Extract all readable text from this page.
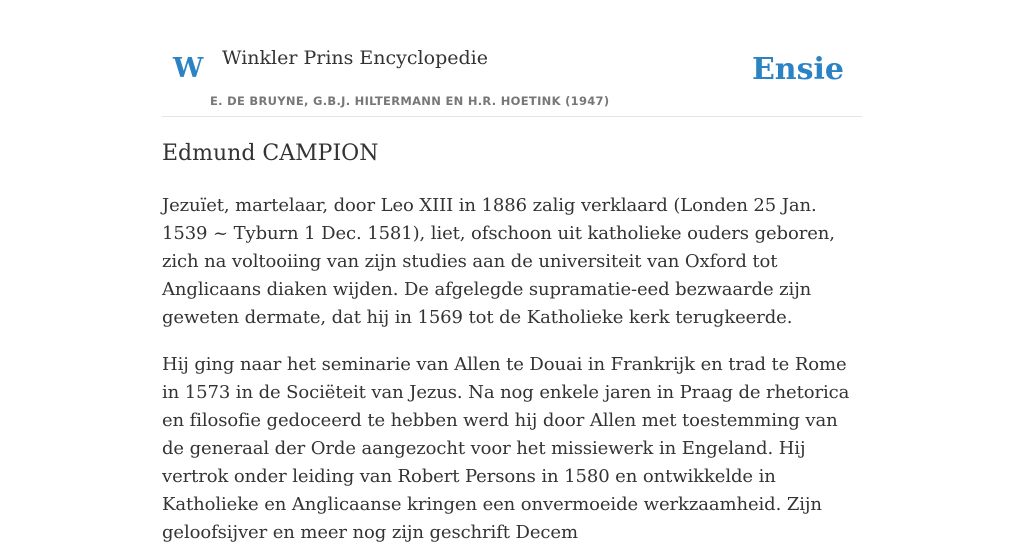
W Winkler Prins Encyclopedie
E. DE BRUYNE, G.B.J. HILTERMANN EN H.R. HOETINK (1947)
Ensie
Edmund CAMPION

Jezuïet, martelaar, door Leo XIII in 1886 zalig verklaard (Londen 25 Jan. 1539 ~ Tyburn 1 Dec. 1581), liet, ofschoon uit katholieke ouders geboren, zich na voltooiing van zijn studies aan de universiteit van Oxford tot Anglicaans diaken wijden. De afgelegde supramatie-eed bezwaarde zijn geweten dermate, dat hij in 1569 tot de Katholieke kerk terugkeerde.

Hij ging naar het seminarie van Allen te Douai in Frankrijk en trad te Rome in 1573 in de Sociëteit van Jezus. Na nog enkele jaren in Praag de rhetorica en filosofie gedoceerd te hebben werd hij door Allen met toestemming van de generaal der Orde aangezocht voor het missiewerk in Engeland. Hij vertrok onder leiding van Robert Persons in 1580 en ontwikkelde in Katholieke en Anglicaanse kringen een onvermoeide werkzaamheid. Zijn geloofsijver en meer nog zijn geschrift Decem
